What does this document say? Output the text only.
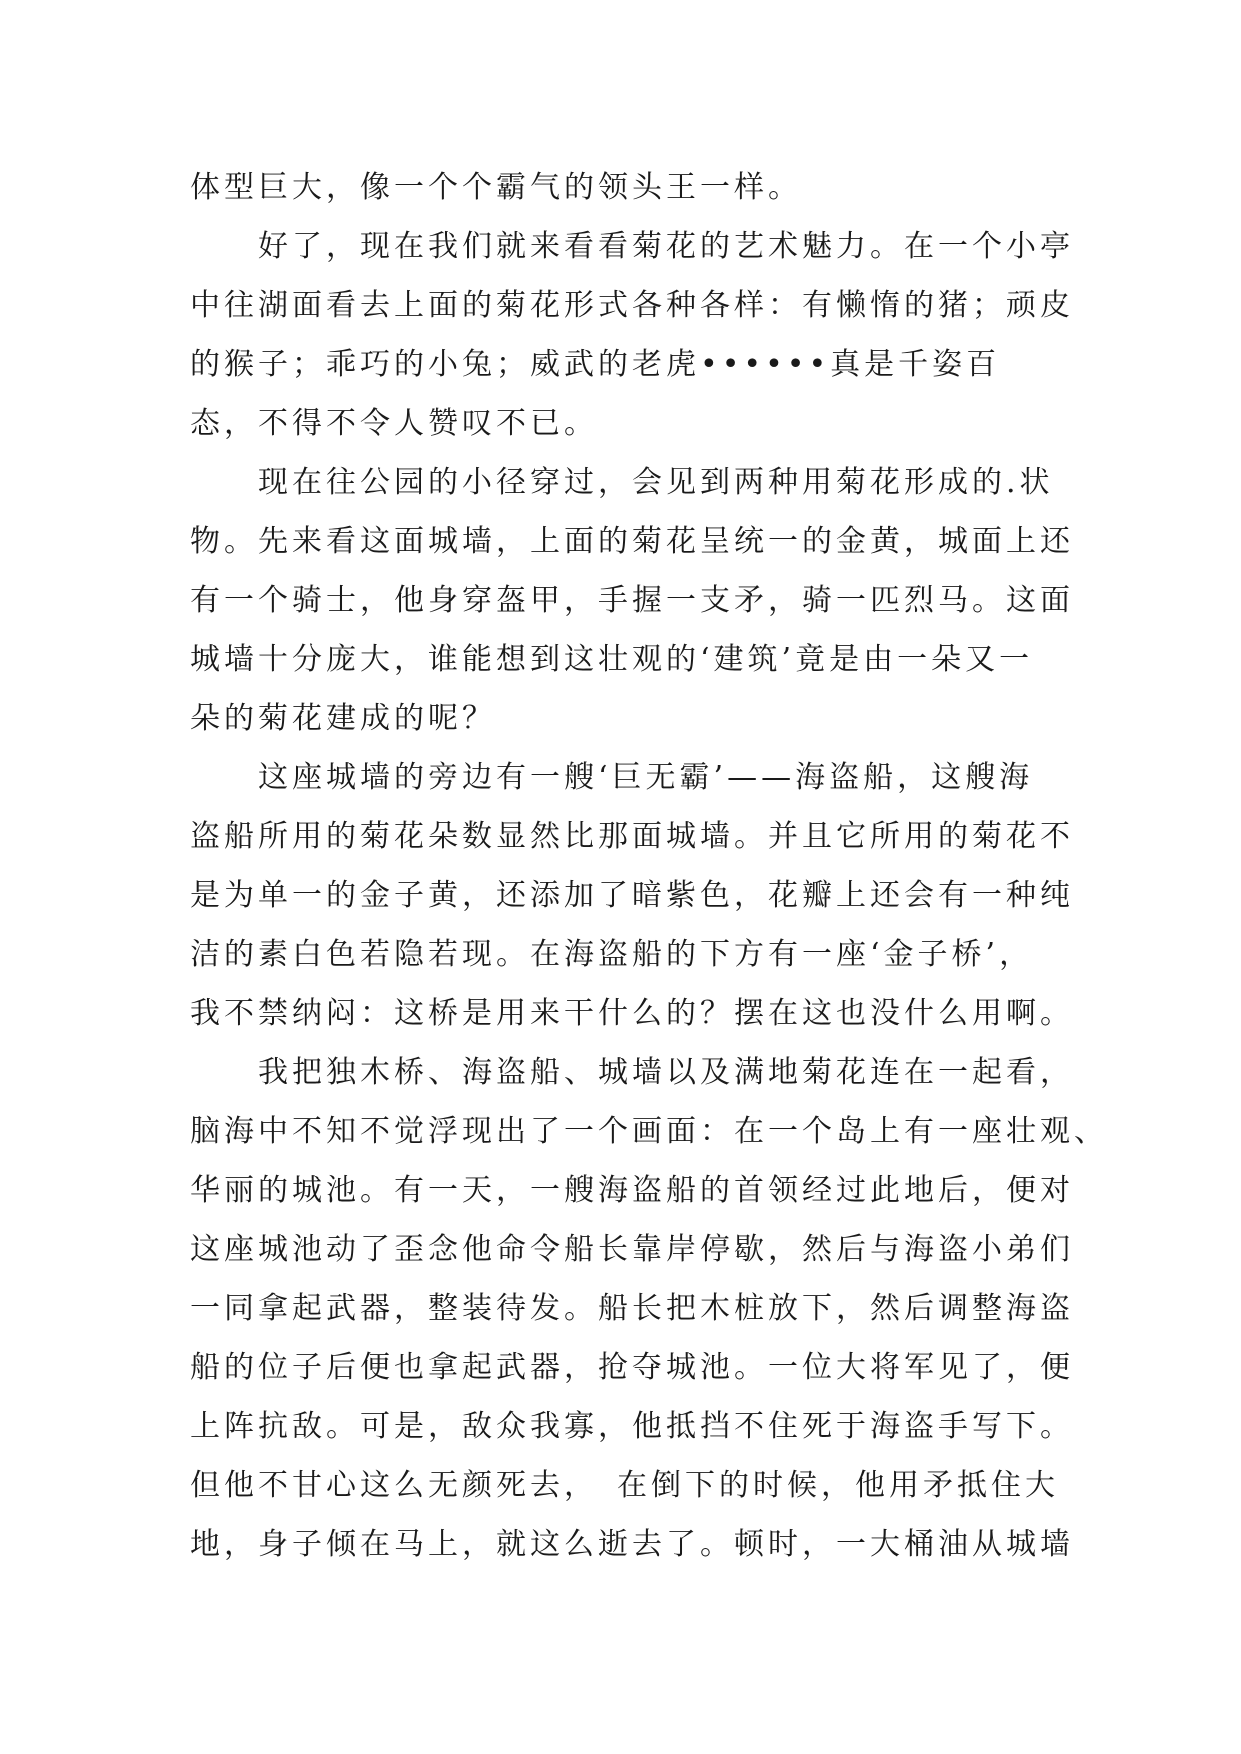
体型巨大，像一个个霸气的领头王一样。
　　好了，现在我们就来看看菊花的艺术魅力。在一个小亭
中往湖面看去上面的菊花形式各种各样：有懒惰的猪；顽皮
的猴子；乖巧的小兔；威武的老虎••••••真是千姿百
态，不得不令人赞叹不已。
　　现在往公园的小径穿过，会见到两种用菊花形成的.状
物。先来看这面城墙，上面的菊花呈统一的金黄，城面上还
有一个骑士，他身穿盔甲，手握一支矛，骑一匹烈马。这面
城墙十分庞大，谁能想到这壮观的‘建筑’竟是由一朵又一
朵的菊花建成的呢？
　　这座城墙的旁边有一艘‘巨无霸’——海盗船，这艘海
盗船所用的菊花朵数显然比那面城墙。并且它所用的菊花不
是为单一的金子黄，还添加了暗紫色，花瓣上还会有一种纯
洁的素白色若隐若现。在海盗船的下方有一座‘金子桥’，
我不禁纳闷：这桥是用来干什么的？摆在这也没什么用啊。
　　我把独木桥、海盗船、城墙以及满地菊花连在一起看，
脑海中不知不觉浮现出了一个画面：在一个岛上有一座壮观、
华丽的城池。有一天，一艘海盗船的首领经过此地后，便对
这座城池动了歪念他命令船长靠岸停歇，然后与海盗小弟们
一同拿起武器，整装待发。船长把木桩放下，然后调整海盗
船的位子后便也拿起武器，抢夺城池。一位大将军见了，便
上阵抗敌。可是，敌众我寡，他抵挡不住死于海盗手写下。
但他不甘心这么无颜死去，　在倒下的时候，他用矛抵住大
地，身子倾在马上，就这么逝去了。顿时，一大桶油从城墙
